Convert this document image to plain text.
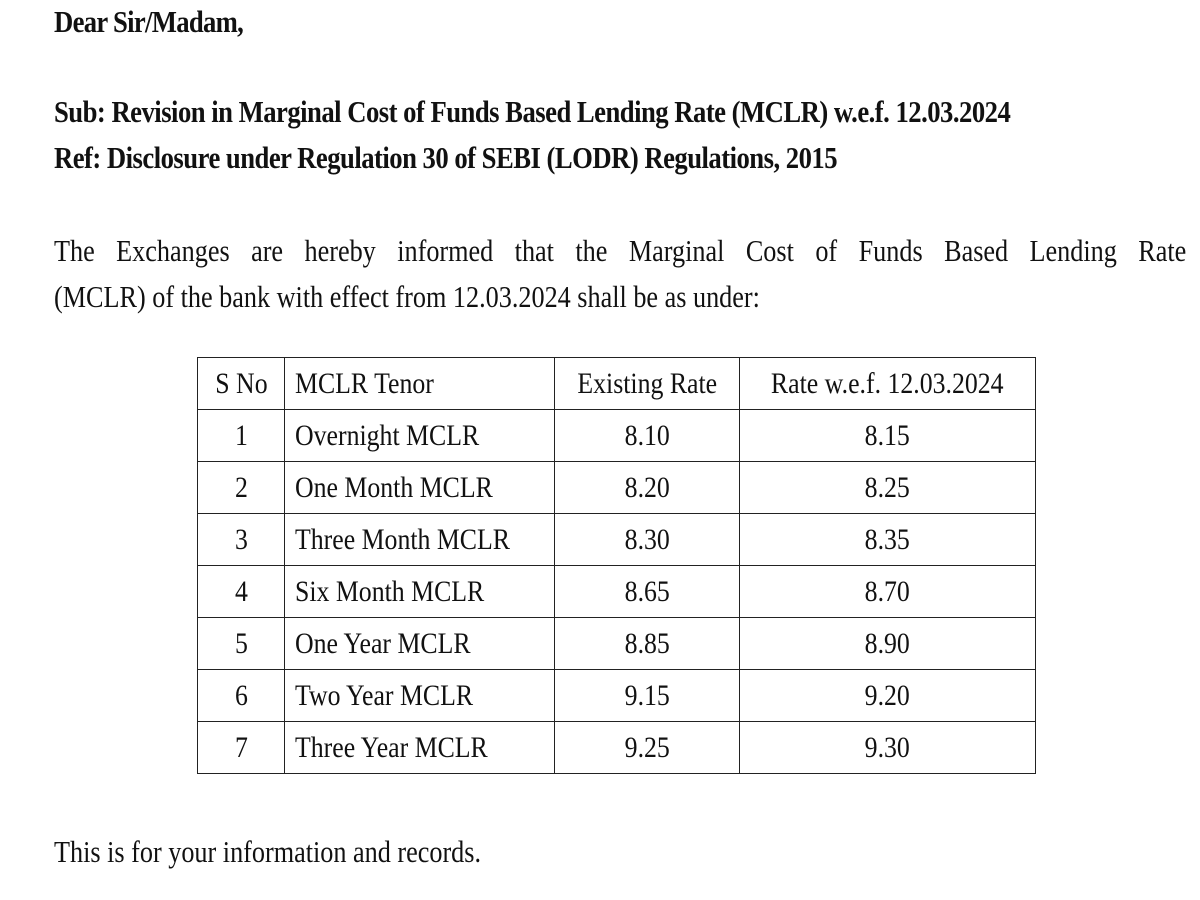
Dear Sir/Madam,
Sub: Revision in Marginal Cost of Funds Based Lending Rate (MCLR) w.e.f. 12.03.2024
Ref: Disclosure under Regulation 30 of SEBI (LODR) Regulations, 2015
The Exchanges are hereby informed that the Marginal Cost of Funds Based Lending Rate
(MCLR) of the bank with effect from 12.03.2024 shall be as under:
S No	MCLR Tenor	Existing Rate	Rate w.e.f. 12.03.2024
1	Overnight MCLR	8.10	8.15
2	One Month MCLR	8.20	8.25
3	Three Month MCLR	8.30	8.35
4	Six Month MCLR	8.65	8.70
5	One Year MCLR	8.85	8.90
6	Two Year MCLR	9.15	9.20
7	Three Year MCLR	9.25	9.30
This is for your information and records.
